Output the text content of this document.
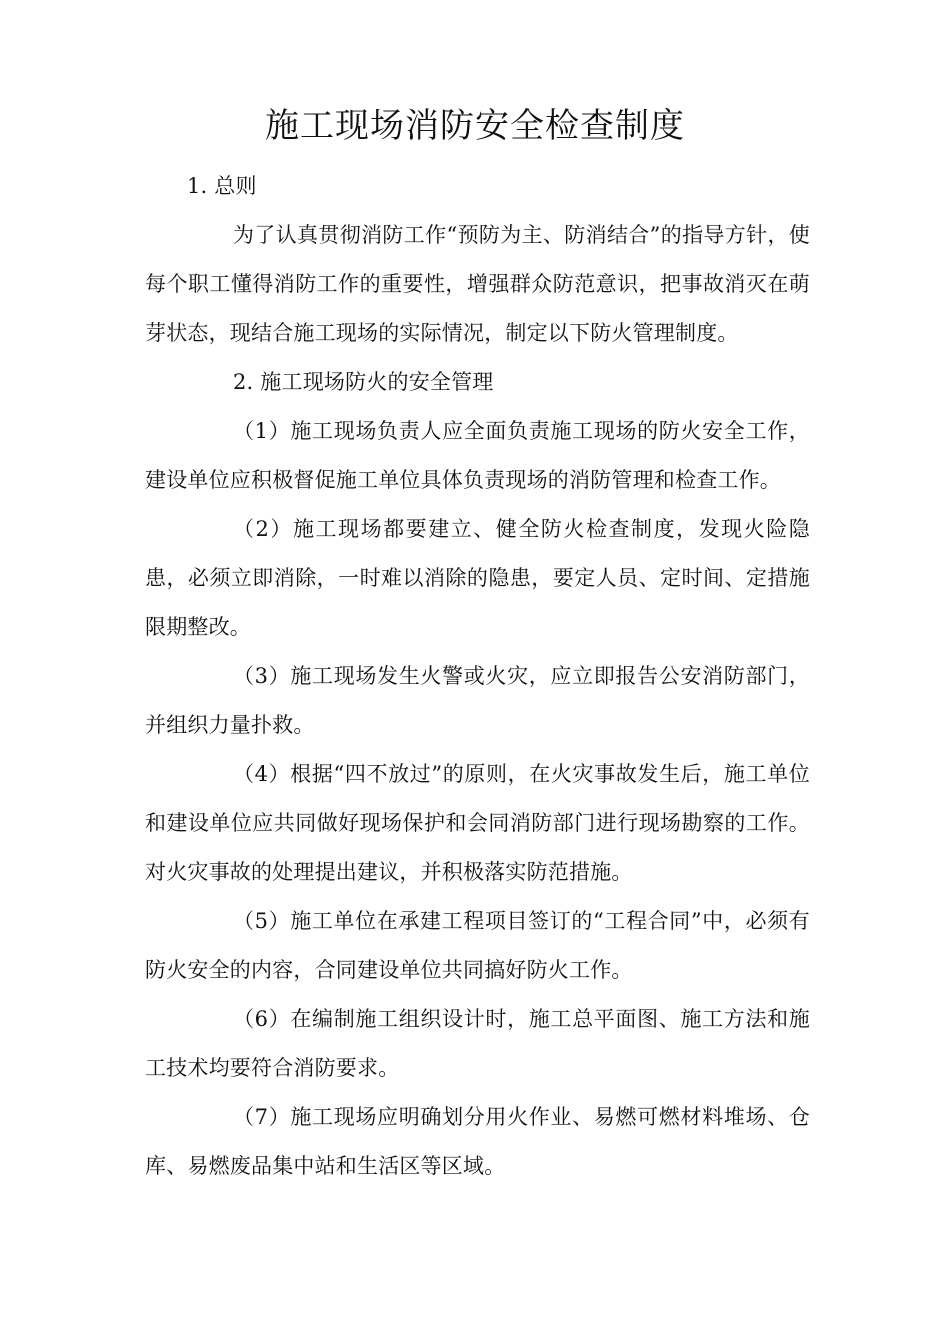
施工现场消防安全检查制度

1. 总则

为了认真贯彻消防工作“预防为主、防消结合”的指导方针，使每个职工懂得消防工作的重要性，增强群众防范意识，把事故消灭在萌芽状态，现结合施工现场的实际情况，制定以下防火管理制度。

2. 施工现场防火的安全管理

（1）施工现场负责人应全面负责施工现场的防火安全工作，建设单位应积极督促施工单位具体负责现场的消防管理和检查工作。

（2）施工现场都要建立、健全防火检查制度，发现火险隐患，必须立即消除，一时难以消除的隐患，要定人员、定时间、定措施限期整改。

（3）施工现场发生火警或火灾，应立即报告公安消防部门，并组织力量扑救。

（4）根据“四不放过”的原则，在火灾事故发生后，施工单位和建设单位应共同做好现场保护和会同消防部门进行现场勘察的工作。对火灾事故的处理提出建议，并积极落实防范措施。

（5）施工单位在承建工程项目签订的“工程合同”中，必须有防火安全的内容，合同建设单位共同搞好防火工作。

（6）在编制施工组织设计时，施工总平面图、施工方法和施工技术均要符合消防要求。

（7）施工现场应明确划分用火作业、易燃可燃材料堆场、仓库、易燃废品集中站和生活区等区域。
